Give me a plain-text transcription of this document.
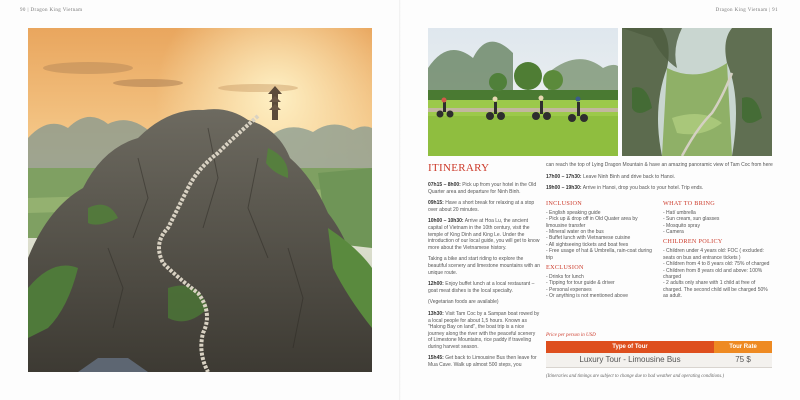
90 | Dragon King Vietnam	Dragon King Vietnam | 91
ITINERARY
07h15 – 8h00: Pick up from your hotel in the Old Quarter area and departure for Ninh Binh.
09h15: Have a short break for relaxing at a stop over about 20 minutes.
10h00 – 10h30: Arrive at Hoa Lu, the ancient capital of Vietnam in the 10th century, visit the temple of King Dinh and King Le. Under the introduction of our local guide, you will get to know more about the Vietnamese history.
Taking a bike and start riding to explore the beautiful scenery and limestone mountains with an unique route.
12h00: Enjoy buffet lunch at a local restaurant – goat meat dishes is the local specialty.
(Vegetarian foods are available)
13h30: Visit Tam Coc by a Sampan boat rowed by a local people for about 1,5 hours. Known as "Halong Bay on land", the boat trip is a nice journey along the river with the peaceful scenery of Limestone Mountains, rice paddy if traveling during harvest season.
15h45: Get back to Limousine Bus then leave for Mua Cave. Walk up almost 500 steps, you
can reach the top of Lying Dragon Mountain & have an amazing panoramic view of Tam Coc from here
17h00 – 17h30: Leave Ninh Binh and drive back to Hanoi.
19h00 – 19h30: Arrive in Hanoi, drop you back to your hotel. Trip ends.
INCLUSION
- English speaking guide
- Pick up & drop off in Old Quater area by limousine transfer
- Mineral water on the bus
- Buffet lunch with Vietnamese cuisine
- All sightseeing tickets and boat fees
- Free usage of hat & Umbrella, rain-coat during trip
EXCLUSION
- Drinks for lunch
- Tipping for tour guide & driver
- Personal expenses
- Or anything is not mentioned above
WHAT TO BRING
- Hat/ umbrella
- Sun cream, sun glasses
- Mosquito spray
- Camera
CHILDREN POLICY
- Children under 4 years old: FOC ( excluded: seats on bus and entrance tickets )
- Children from 4 to 8 years old: 75% of charged
- Children from 8 years old and above: 100% charged
- 2 adults only share with 1 child at free of charged. The second child will be charged 50% as adult.
Price per person in USD
Type of Tour	Tour Rate
Luxury Tour - Limousine Bus	75 $
(Itineraries and timings are subject to change due to bad weather and operating conditions.)
